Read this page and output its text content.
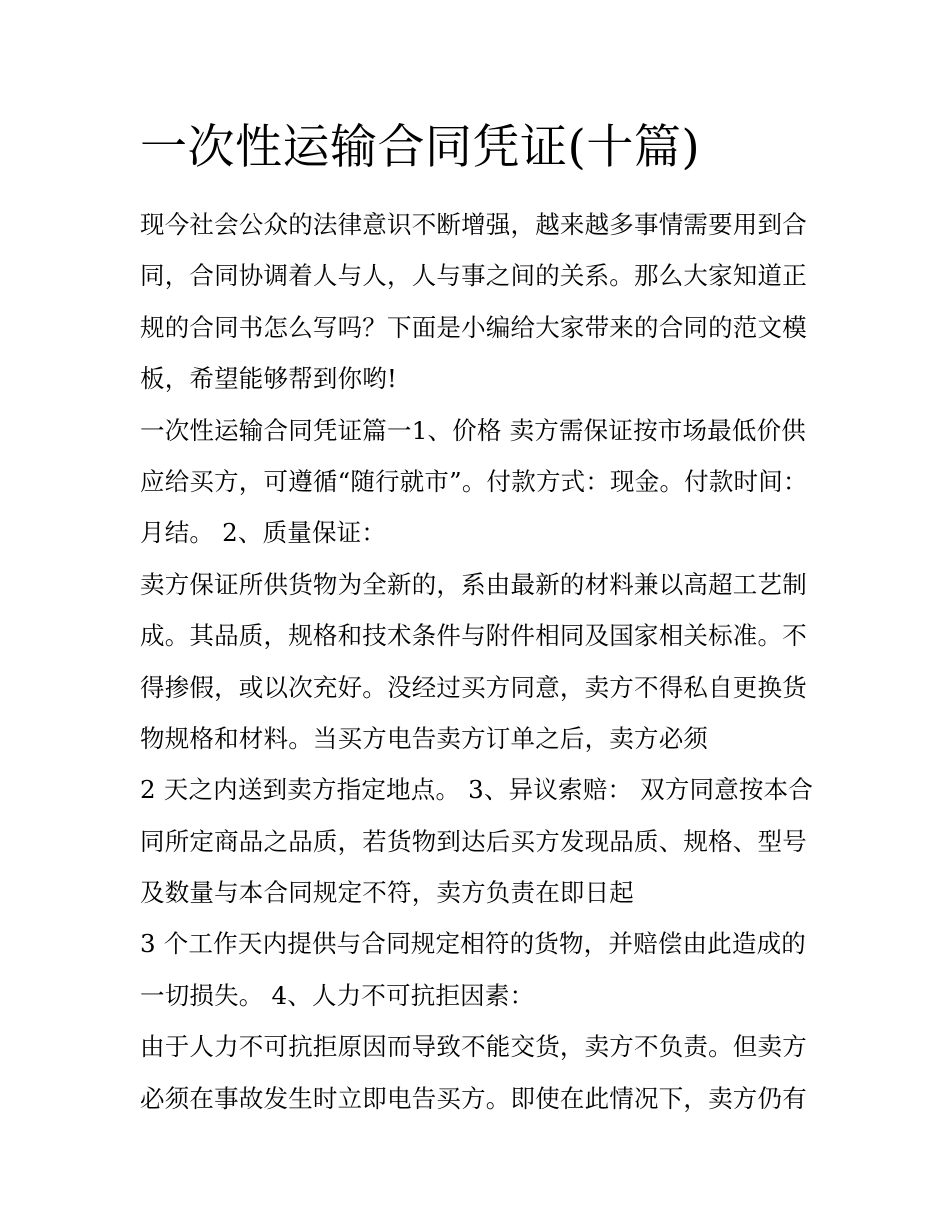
一次性运输合同凭证(十篇)

现今社会公众的法律意识不断增强，越来越多事情需要用到合

同，合同协调着人与人，人与事之间的关系。那么大家知道正

规的合同书怎么写吗？下面是小编给大家带来的合同的范文模

板，希望能够帮到你哟!

一次性运输合同凭证篇一1、价格 卖方需保证按市场最低价供

应给买方，可遵循“随行就市”。付款方式：现金。付款时间：

月结。 2、质量保证：

卖方保证所供货物为全新的，系由最新的材料兼以高超工艺制

成。其品质，规格和技术条件与附件相同及国家相关标准。不

得掺假，或以次充好。没经过买方同意，卖方不得私自更换货

物规格和材料。当买方电告卖方订单之后，卖方必须

2 天之内送到卖方指定地点。 3、异议索赔： 双方同意按本合

同所定商品之品质，若货物到达后买方发现品质、规格、型号

及数量与本合同规定不符，卖方负责在即日起

3 个工作天内提供与合同规定相符的货物，并赔偿由此造成的

一切损失。 4、人力不可抗拒因素：

由于人力不可抗拒原因而导致不能交货，卖方不负责。但卖方

必须在事故发生时立即电告买方。即使在此情况下，卖方仍有
